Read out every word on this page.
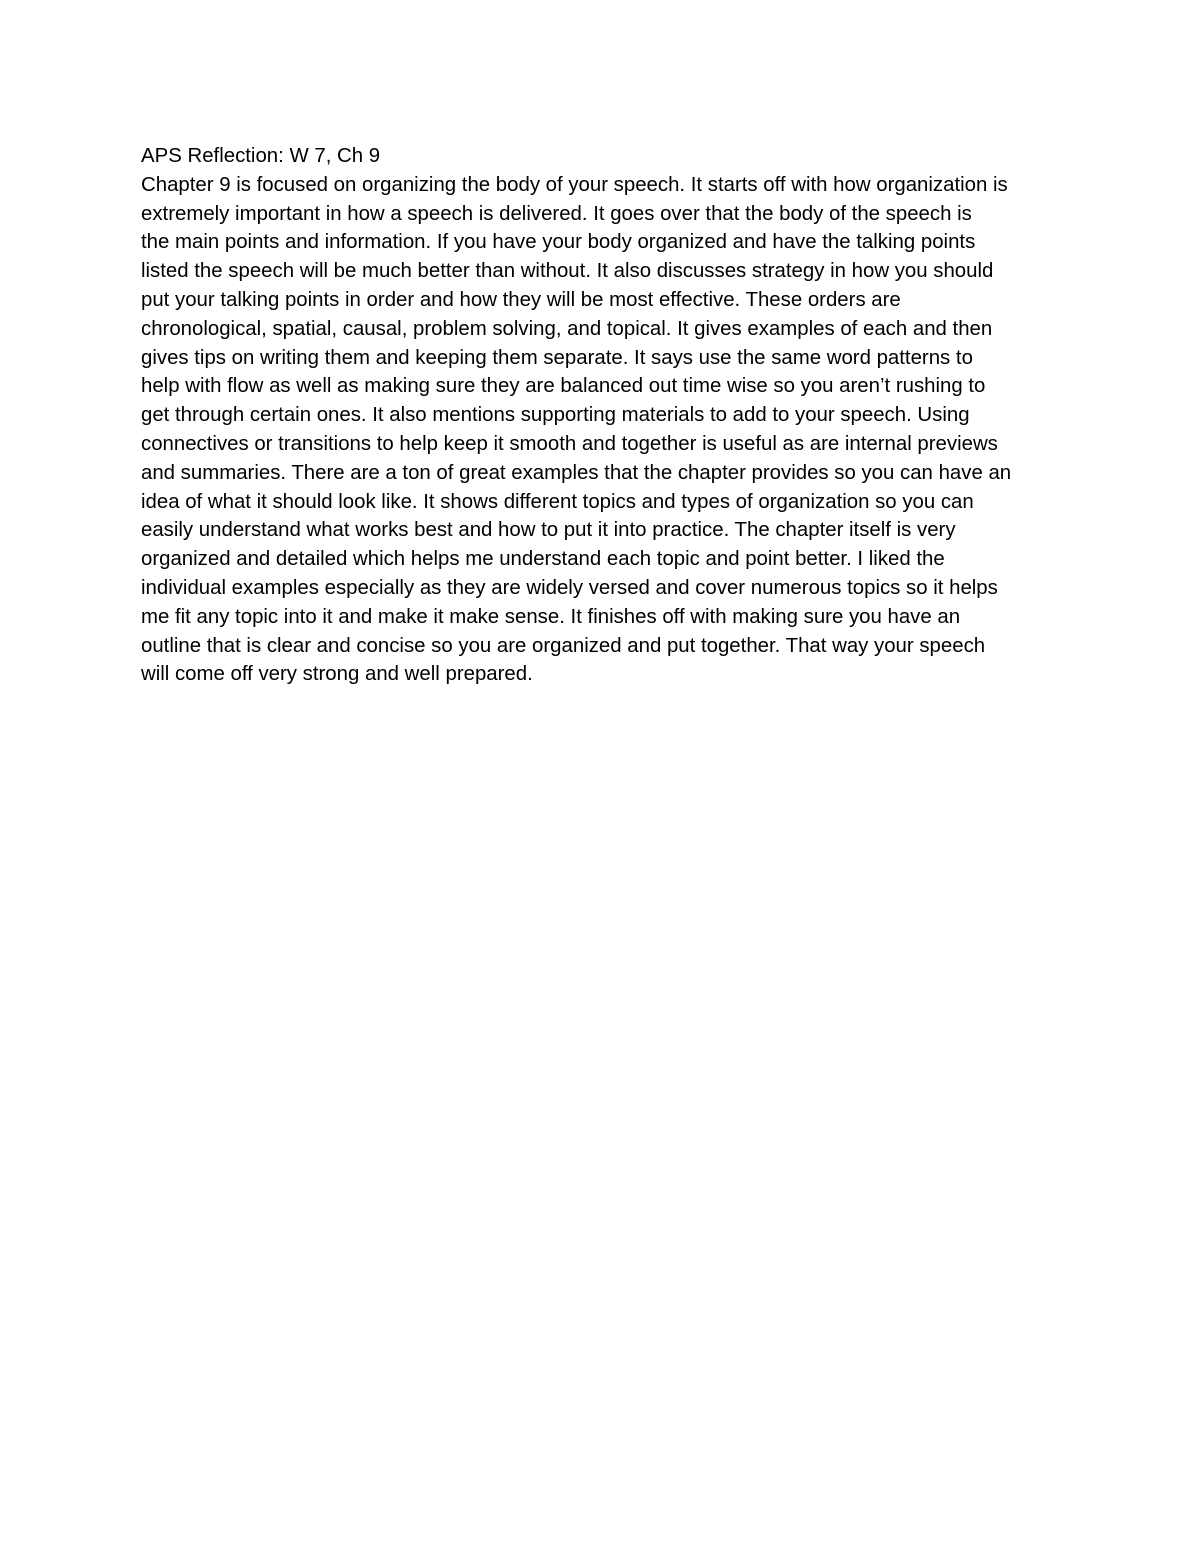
APS Reflection: W 7, Ch 9
Chapter 9 is focused on organizing the body of your speech. It starts off with how organization is
extremely important in how a speech is delivered. It goes over that the body of the speech is
the main points and information. If you have your body organized and have the talking points
listed the speech will be much better than without. It also discusses strategy in how you should
put your talking points in order and how they will be most effective. These orders are
chronological, spatial, causal, problem solving, and topical. It gives examples of each and then
gives tips on writing them and keeping them separate. It says use the same word patterns to
help with flow as well as making sure they are balanced out time wise so you aren’t rushing to
get through certain ones. It also mentions supporting materials to add to your speech. Using
connectives or transitions to help keep it smooth and together is useful as are internal previews
and summaries. There are a ton of great examples that the chapter provides so you can have an
idea of what it should look like. It shows different topics and types of organization so you can
easily understand what works best and how to put it into practice. The chapter itself is very
organized and detailed which helps me understand each topic and point better. I liked the
individual examples especially as they are widely versed and cover numerous topics so it helps
me fit any topic into it and make it make sense. It finishes off with making sure you have an
outline that is clear and concise so you are organized and put together. That way your speech
will come off very strong and well prepared.
